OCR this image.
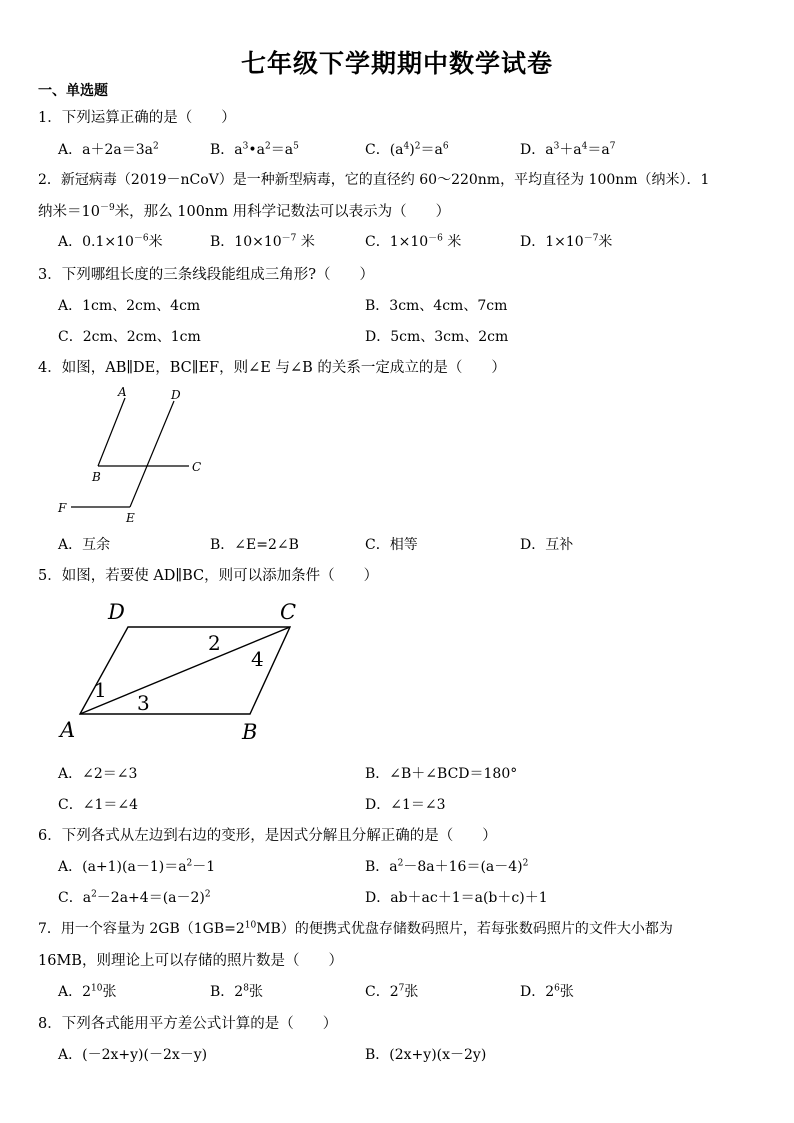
七年级下学期期中数学试卷
一、单选题
1．下列运算正确的是（　　）
A．$a+2a=3a^2$	B．$a^3•a^2=a^5$	C．$(a^4)^2=a^6$	D．$a^3+a^4=a^7$
2．新冠病毒（2019－nCoV）是一种新型病毒，它的直径约 60～220nm，平均直径为 100nm（纳米）．1
纳米$=10^{-9}$米，那么 100nm 用科学记数法可以表示为（　　）
A．$0.1\times 10^{-6}$米	B．$10\times 10^{-7}$ 米	C．$1\times 10^{-6}$ 米	D．$1\times 10^{-7}$米
3．下列哪组长度的三条线段能组成三角形?（　　）
A．1cm、2cm、4cm	B．3cm、4cm、7cm
C．2cm、2cm、1cm	D．5cm、3cm、2cm
4．如图，AB∥DE，BC∥EF，则∠E 与∠B 的关系一定成立的是（　　）
A	D
B
C
F
E
A．互余	B．∠E=2∠B	C．相等	D．互补
5．如图，若要使 AD∥BC，则可以添加条件（　　）
D	C
2
4
1
3
A	B
A．∠2＝∠3	B．∠B＋∠BCD＝180°
C．∠1＝∠4	D．∠1＝∠3
6．下列各式从左边到右边的变形，是因式分解且分解正确的是（　　）
A．$(a+1)(a-1)=a^2-1$	B．$a^2-8a+16=(a-4)^2$
C．$a^2-2a+4=(a-2)^2$	D．ab＋ac＋1＝a(b＋c)＋1
7．用一个容量为 $2GB(1GB=2^{10}MB)$的便携式优盘存储数码照片，若每张数码照片的文件大小都为
16MB，则理论上可以存储的照片数是（　　）
A．$2^{10}$张	B．$2^8$张	C．$2^7$张	D．$2^6$张
8．下列各式能用平方差公式计算的是（　　）
A．(－2x+y)(－2x－y)	B．(2x+y)(x－2y)
